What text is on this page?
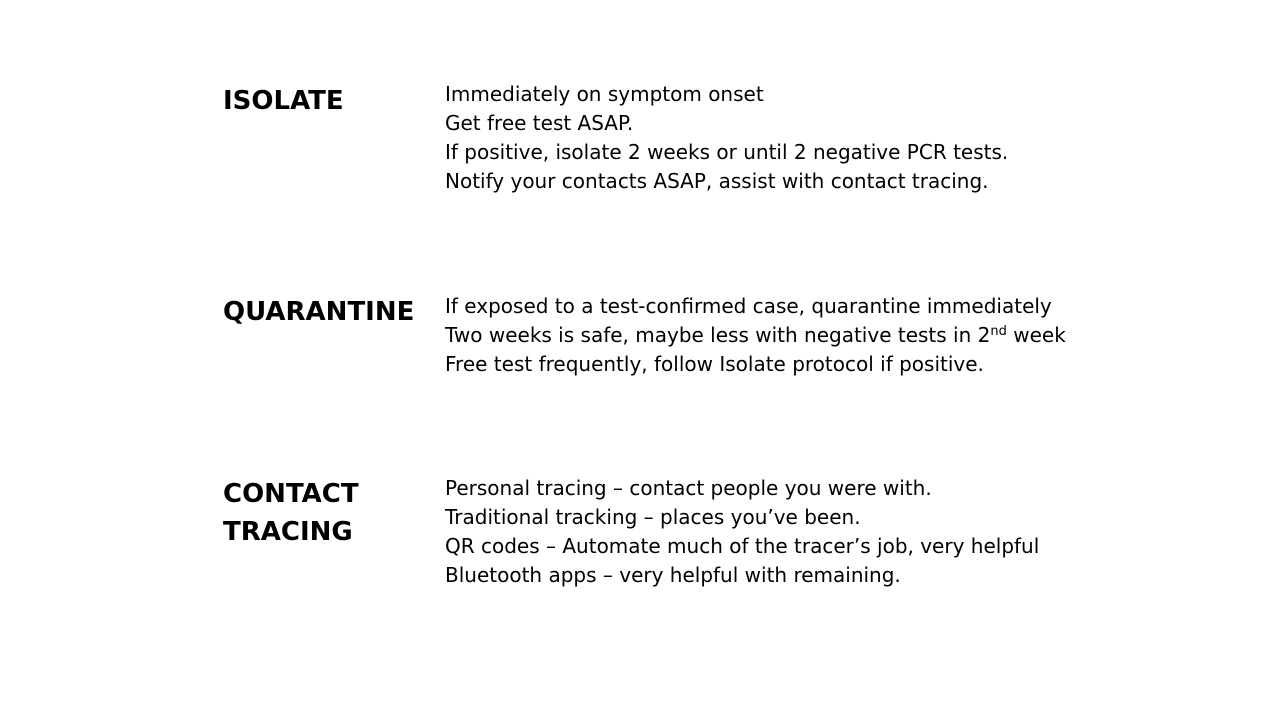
ISOLATE	Immediately on symptom onset
Get free test ASAP.
If positive, isolate 2 weeks or until 2 negative PCR tests.
Notify your contacts ASAP, assist with contact tracing.
QUARANTINE	If exposed to a test-confirmed case, quarantine immediately
Two weeks is safe, maybe less with negative tests in 2nd week
Free test frequently, follow Isolate protocol if positive.
CONTACT
TRACING
Personal tracing – contact people you were with.
Traditional tracking – places you’ve been.
QR codes – Automate much of the tracer’s job, very helpful
Bluetooth apps – very helpful with remaining.
